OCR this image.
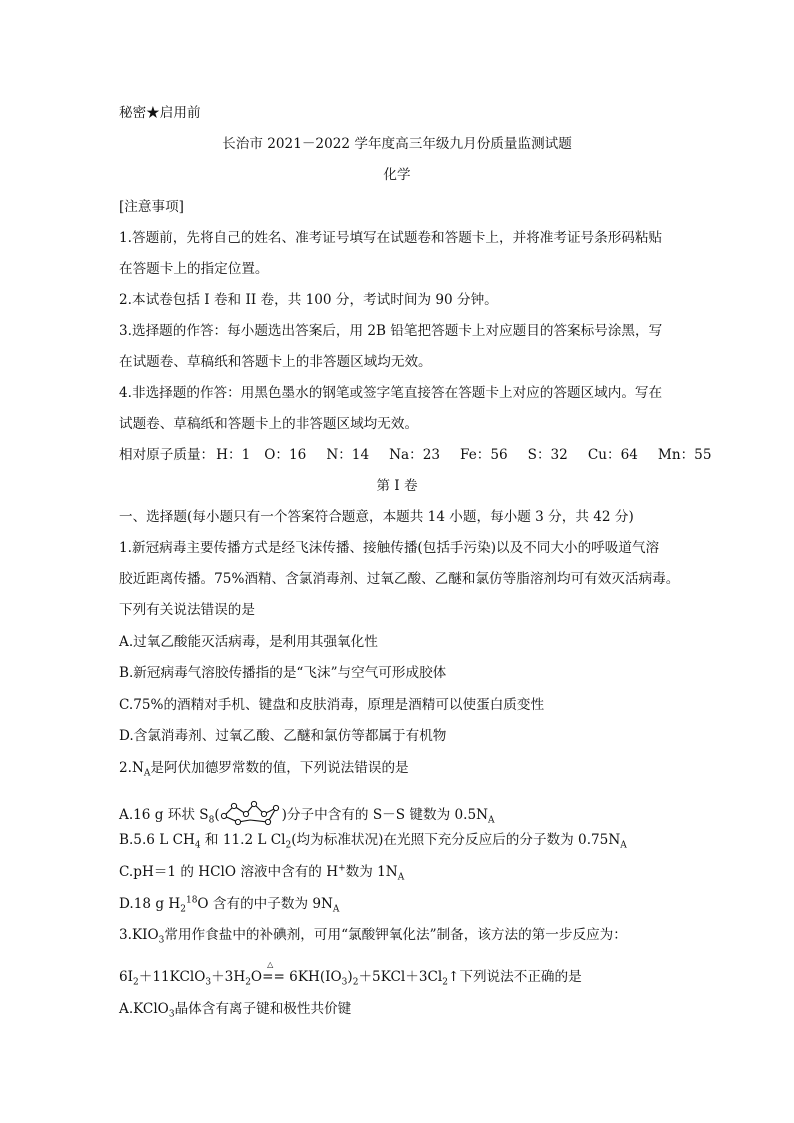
秘密★启用前
长治市 2021－2022 学年度高三年级九月份质量监测试题
化学
[注意事项]
1.答题前，先将自己的姓名、准考证号填写在试题卷和答题卡上，并将准考证号条形码粘贴
在答题卡上的指定位置。
2.本试卷包括 I 卷和 II 卷，共 100 分，考试时间为 90 分钟。
3.选择题的作答：每小题选出答案后，用 2B 铅笔把答题卡上对应题目的答案标号涂黑，写
在试题卷、草稿纸和答题卡上的非答题区域均无效。
4.非选择题的作答：用黑色墨水的钢笔或签字笔直接答在答题卡上对应的答题区域内。写在
试题卷、草稿纸和答题卡上的非答题区域均无效。
相对原子质量： H：1 O：16 N：14 Na：23 Fe：56 S：32 Cu：64 Mn：55
第 I 卷
一、选择题(每小题只有一个答案符合题意，本题共 14 小题，每小题 3 分，共 42 分)
1.新冠病毒主要传播方式是经飞沫传播、接触传播(包括手污染)以及不同大小的呼吸道气溶
胶近距离传播。75%酒精、含氯消毒剂、过氧乙酸、乙醚和氯仿等脂溶剂均可有效灭活病毒。
下列有关说法错误的是
A.过氧乙酸能灭活病毒，是利用其强氧化性
B.新冠病毒气溶胶传播指的是“飞沫”与空气可形成胶体
C.75%的酒精对手机、键盘和皮肤消毒，原理是酒精可以使蛋白质变性
D.含氯消毒剂、过氧乙酸、乙醚和氯仿等都属于有机物
$2.N_A$是阿伏加德罗常数的值，下列说法错误的是
A.16 g 环状 $S_8$(	)分子中含有的 S－S 键数为 $0.5N_A$
B.5.6 L $CH_4$ 和 11.2 L $Cl_2$(均为标准状况)在光照下充分反应后的分子数为 $0.75N_A$
C.pH＝1 的 HClO 溶液中含有的 H+数为 $1N_A$
D.18 g $H_2^{18}O$ 含有的中子数为 $9N_A$
$3.KIO_3$常用作食盐中的补碘剂，可用“氯酸钾氧化法”制备，该方法的第一步反应为：
$6I_2+11KClO_3+3H_2O$
△
== $6KH(IO_3)_2+5KCl+3Cl_2↑$下列说法不正确的是
A.KClO$_3$晶体含有离子键和极性共价键
